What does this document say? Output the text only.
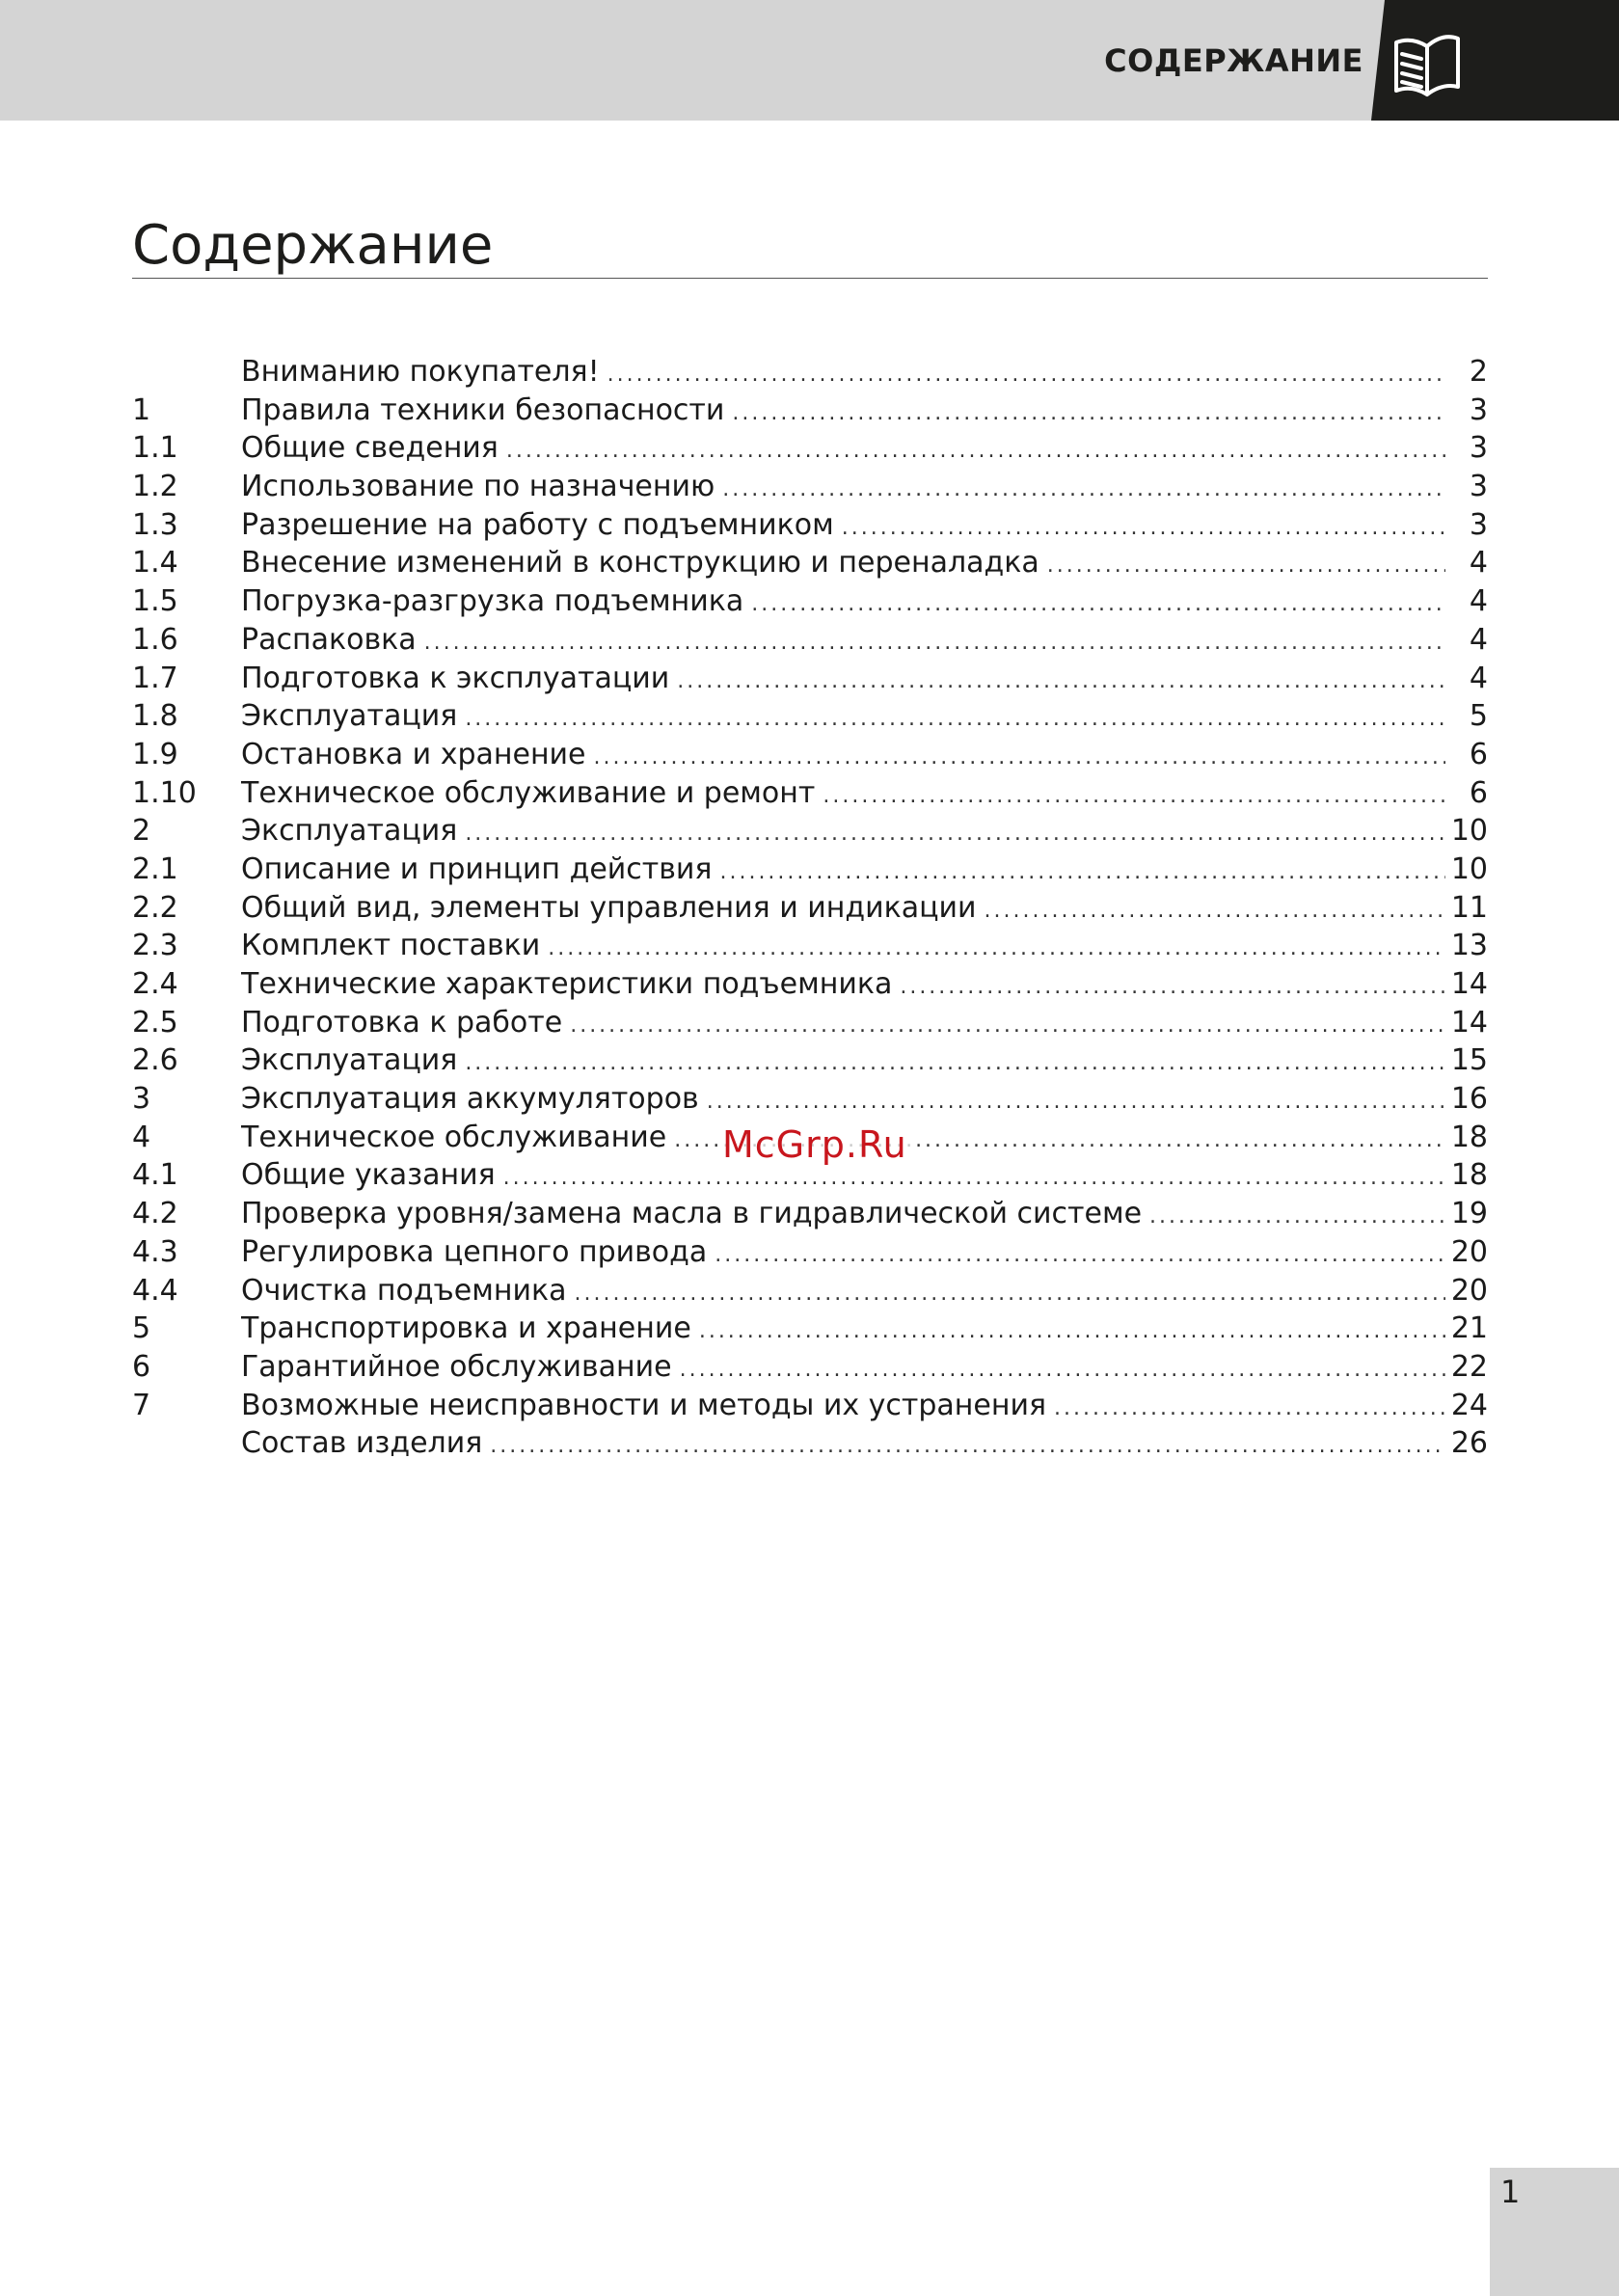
СОДЕРЖАНИЕ
Содержание
Вниманию покупателя! .....	2
1	Правила техники безопасности .....	3
1.1	Общие сведения .....	3
1.2	Использование по назначению .....	3
1.3	Разрешение на работу с подъемником .....	3
1.4	Внесение изменений в конструкцию и переналадка .....	4
1.5	Погрузка-разгрузка подъемника .....	4
1.6	Распаковка .....	4
1.7	Подготовка к эксплуатации .....	4
1.8	Эксплуатация .....	5
1.9	Остановка и хранение .....	6
1.10	Техническое обслуживание и ремонт .....	6
2	Эксплуатация .....	10
2.1	Описание и принцип действия .....	10
2.2	Общий вид, элементы управления и индикации .....	11
2.3	Комплект поставки .....	13
2.4	Технические характеристики подъемника .....	14
2.5	Подготовка к работе .....	14
2.6	Эксплуатация .....	15
3	Эксплуатация аккумуляторов .....	16
4	Техническое обслуживание .....	18
4.1	Общие указания .....	18
4.2	Проверка уровня/замена масла в гидравлической системе .....	19
4.3	Регулировка цепного привода .....	20
4.4	Очистка подъемника .....	20
5	Транспортировка и хранение .....	21
6	Гарантийное обслуживание .....	22
7	Возможные неисправности и методы их устранения .....	24
Состав изделия .....	26
McGrp.Ru
1
